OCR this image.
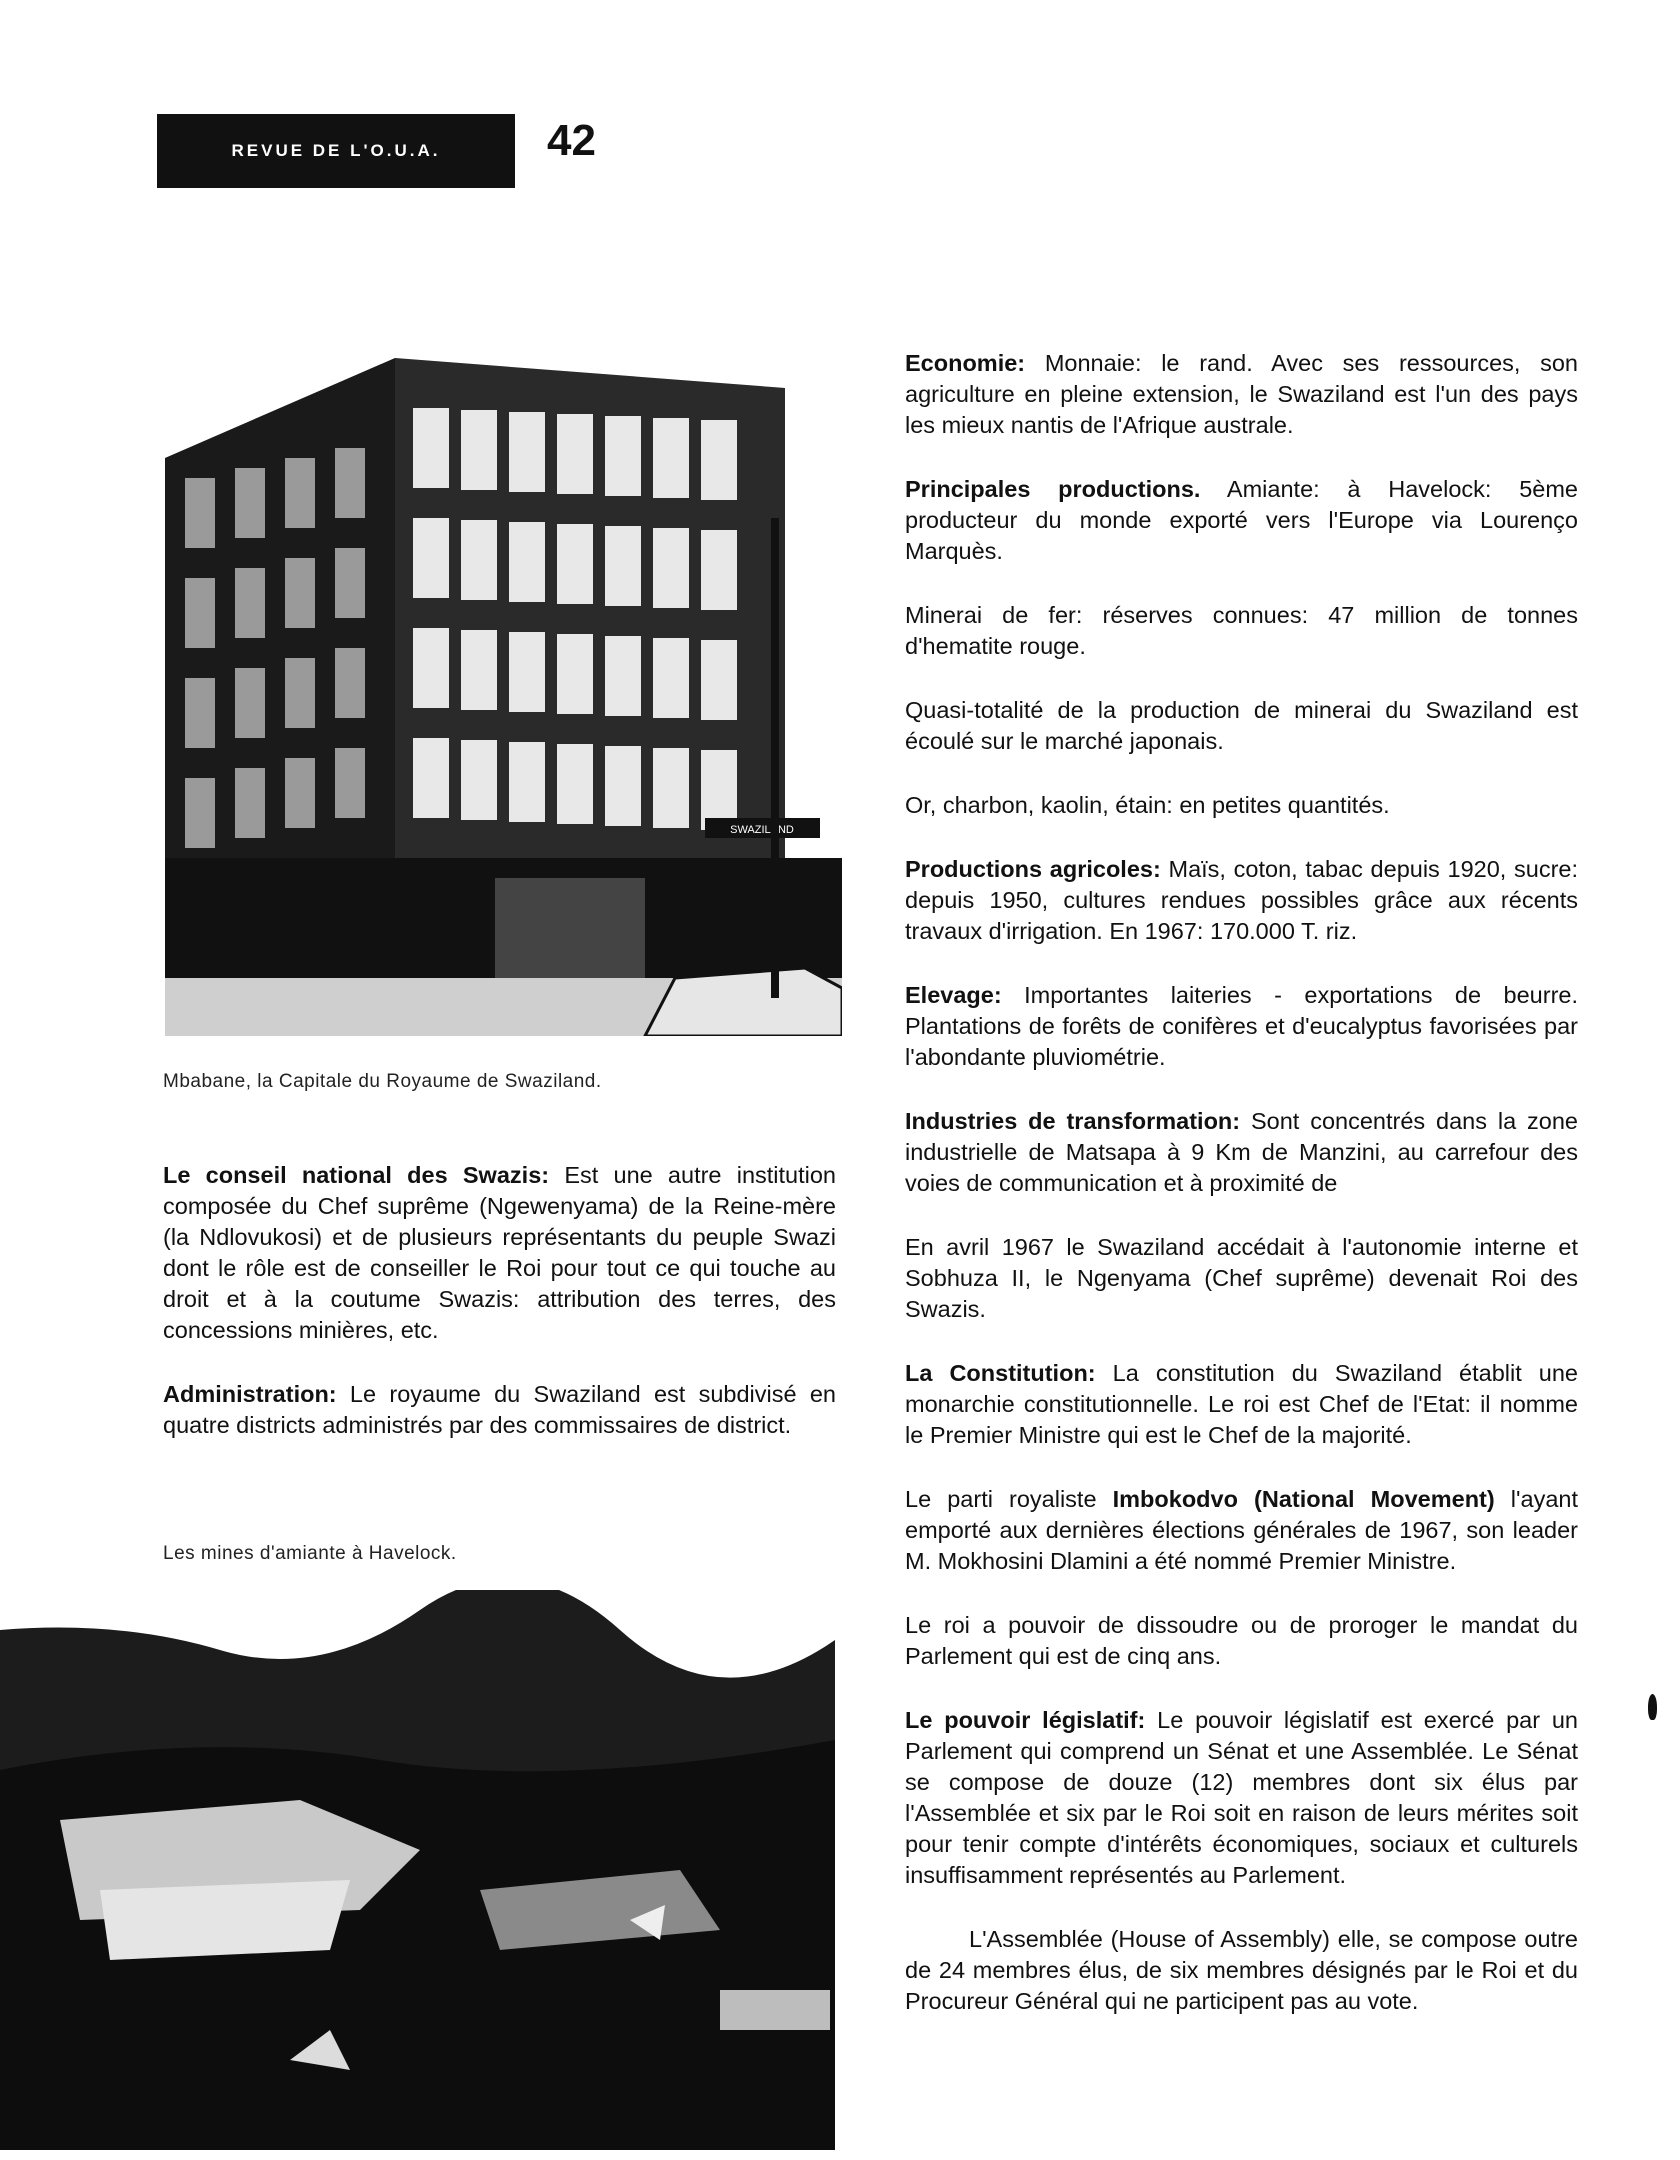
REVUE DE L'O.U.A. 42
SWAZILAND
Mbabane, la Capitale du Royaume de Swaziland.

Le conseil national des Swazis: Est une autre institution composée du Chef suprême (Ngewenyama) de la Reine-mère (la Ndlovukosi) et de plusieurs représentants du peuple Swazi dont le rôle est de conseiller le Roi pour tout ce qui touche au droit et à la coutume Swazis: attribution des terres, des concessions minières, etc.

Administration: Le royaume du Swaziland est subdivisé en quatre districts administrés par des commissaires de district.

Les mines d'amiante à Havelock.

Economie: Monnaie: le rand. Avec ses ressources, son agriculture en pleine extension, le Swaziland est l'un des pays les mieux nantis de l'Afrique australe.

Principales productions. Amiante: à Havelock: 5ème producteur du monde exporté vers l'Europe via Lourenço Marquès.

Minerai de fer: réserves connues: 47 million de tonnes d'hematite rouge.

Quasi-totalité de la production de minerai du Swaziland est écoulé sur le marché japonais.

Or, charbon, kaolin, étain: en petites quantités.

Productions agricoles: Maïs, coton, tabac depuis 1920, sucre: depuis 1950, cultures rendues possibles grâce aux récents travaux d'irrigation. En 1967: 170.000 T. riz.

Elevage: Importantes laiteries - exportations de beurre. Plantations de forêts de conifères et d'eucalyptus favorisées par l'abondante pluviométrie.

Industries de transformation: Sont concentrés dans la zone industrielle de Matsapa à 9 Km de Manzini, au carrefour des voies de communication et à proximité de

En avril 1967 le Swaziland accédait à l'autonomie interne et Sobhuza II, le Ngenyama (Chef suprême) devenait Roi des Swazis.

La Constitution: La constitution du Swaziland établit une monarchie constitutionnelle. Le roi est Chef de l'Etat: il nomme le Premier Ministre qui est le Chef de la majorité.

Le parti royaliste Imbokodvo (National Movement) l'ayant emporté aux dernières élections générales de 1967, son leader M. Mokhosini Dlamini a été nommé Premier Ministre.

Le roi a pouvoir de dissoudre ou de proroger le mandat du Parlement qui est de cinq ans.

Le pouvoir législatif: Le pouvoir législatif est exercé par un Parlement qui comprend un Sénat et une Assemblée. Le Sénat se compose de douze (12) membres dont six élus par l'Assemblée et six par le Roi soit en raison de leurs mérites soit pour tenir compte d'intérêts économiques, sociaux et culturels insuffisamment représentés au Parlement.

L'Assemblée (House of Assembly) elle, se compose outre de 24 membres élus, de six membres désignés par le Roi et du Procureur Général qui ne participent pas au vote.
